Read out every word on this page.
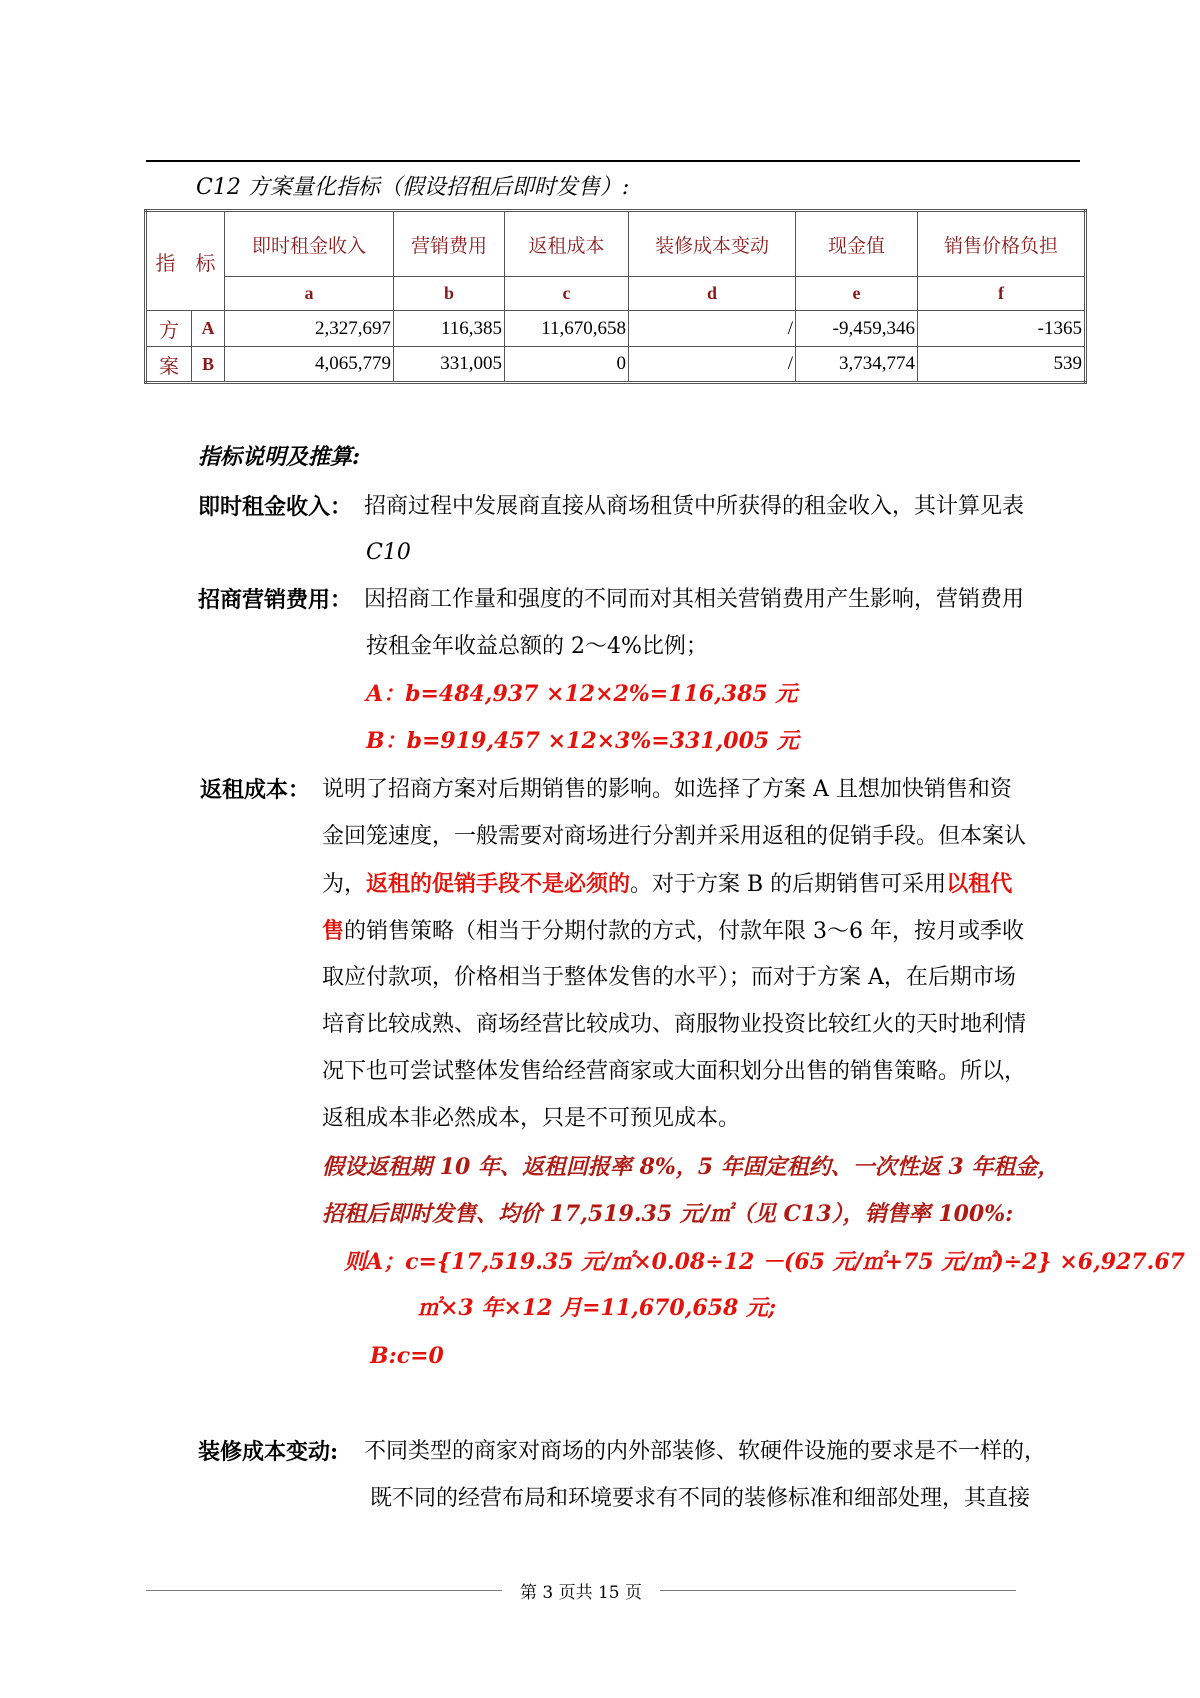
C12 方案量化指标（假设招租后即时发售）:
指　标		即时租金收入	营销费用	返租成本	装修成本变动	现金值	销售价格负担
		a	b	c	d	e	f
方	A	2,327,697	116,385	11,670,658	/	-9,459,346	-1365
案	B	4,065,779	331,005	0	/	3,734,774	539
指标说明及推算:
即时租金收入： 招商过程中发展商直接从商场租赁中所获得的租金收入，其计算见表
C10
招商营销费用： 因招商工作量和强度的不同而对其相关营销费用产生影响，营销费用
按租金年收益总额的 2～4%比例；
A：b=484,937 ×12×2%=116,385 元
B：b=919,457 ×12×3%=331,005 元
返租成本： 说明了招商方案对后期销售的影响。如选择了方案 A 且想加快销售和资
金回笼速度，一般需要对商场进行分割并采用返租的促销手段。但本案认
为，返租的促销手段不是必须的。对于方案 B 的后期销售可采用以租代
售的销售策略（相当于分期付款的方式，付款年限 3～6 年，按月或季收
取应付款项，价格相当于整体发售的水平）；而对于方案 A，在后期市场
培育比较成熟、商场经营比较成功、商服物业投资比较红火的天时地利情
况下也可尝试整体发售给经营商家或大面积划分出售的销售策略。所以，
返租成本非必然成本，只是不可预见成本。
假设返租期 10 年、返租回报率 8%，5 年固定租约、一次性返 3 年租金，
招租后即时发售、均价 17,519.35 元/㎡（见 C13），销售率 100%:
则A；c={17,519.35 元/㎡×0.08÷12 －(65 元/㎡+75 元/㎡)÷2} ×6,927.67
㎡×3 年×12 月=11,670,658 元;
B:c=0
装修成本变动: 不同类型的商家对商场的内外部装修、软硬件设施的要求是不一样的，
既不同的经营布局和环境要求有不同的装修标准和细部处理，其直接
第 3 页共 15 页
